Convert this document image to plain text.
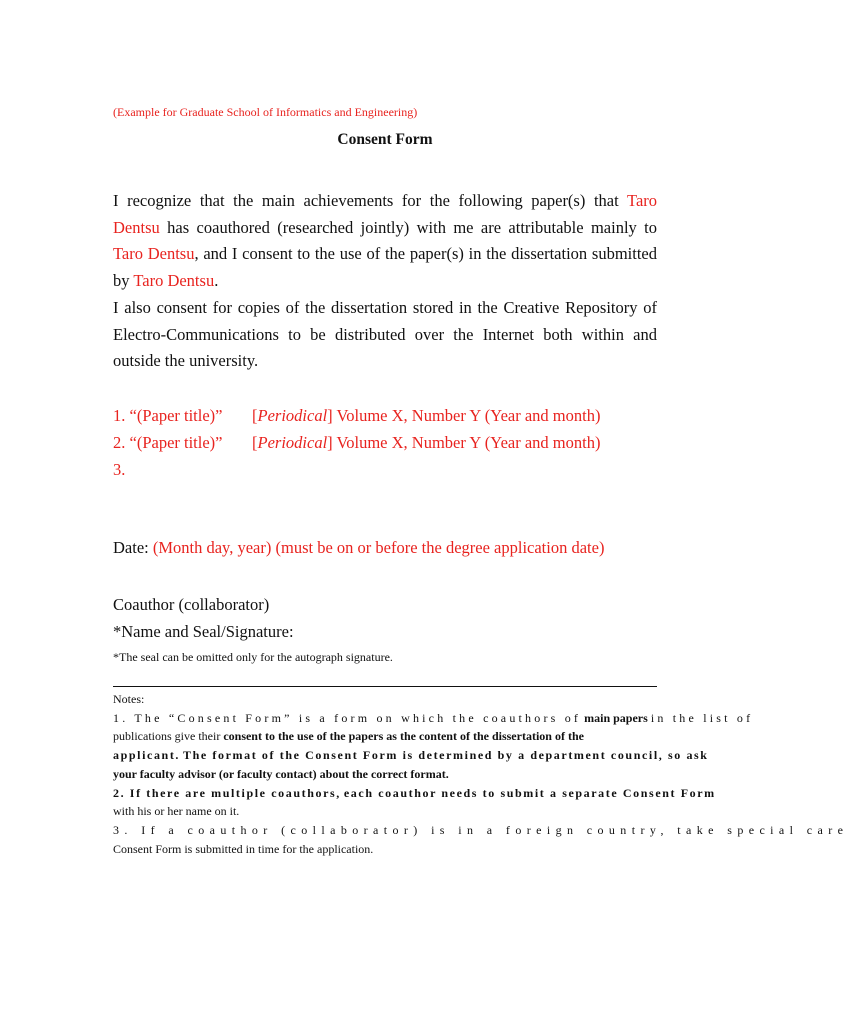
(Example for Graduate School of Informatics and Engineering)
Consent Form

I recognize that the main achievements for the following paper(s) that Taro Dentsu has coauthored (researched jointly) with me are attributable mainly to Taro Dentsu, and I consent to the use of the paper(s) in the dissertation submitted by Taro Dentsu.

I also consent for copies of the dissertation stored in the Creative Repository of Electro-Communications to be distributed over the Internet both within and outside the university.

1. “(Paper title)” [Periodical] Volume X, Number Y (Year and month)
2. “(Paper title)” [Periodical] Volume X, Number Y (Year and month)
3.
Date: (Month day, year) (must be on or before the degree application date)
Coauthor (collaborator)
*Name and Seal/Signature:
*The seal can be omitted only for the autograph signature.
Notes:
1. The “Consent Form” is a form on which the coauthors of main papers in the list of
publications give their consent to the use of the papers as the content of the dissertation of the
applicant. The format of the Consent Form is determined by a department council, so ask
your faculty advisor (or faculty contact) about the correct format.
2. If there are multiple coauthors, each coauthor needs to submit a separate Consent Form
with his or her name on it.
3. If a coauthor (collaborator) is in a foreign country, take special care
Consent Form is submitted in time for the application.
